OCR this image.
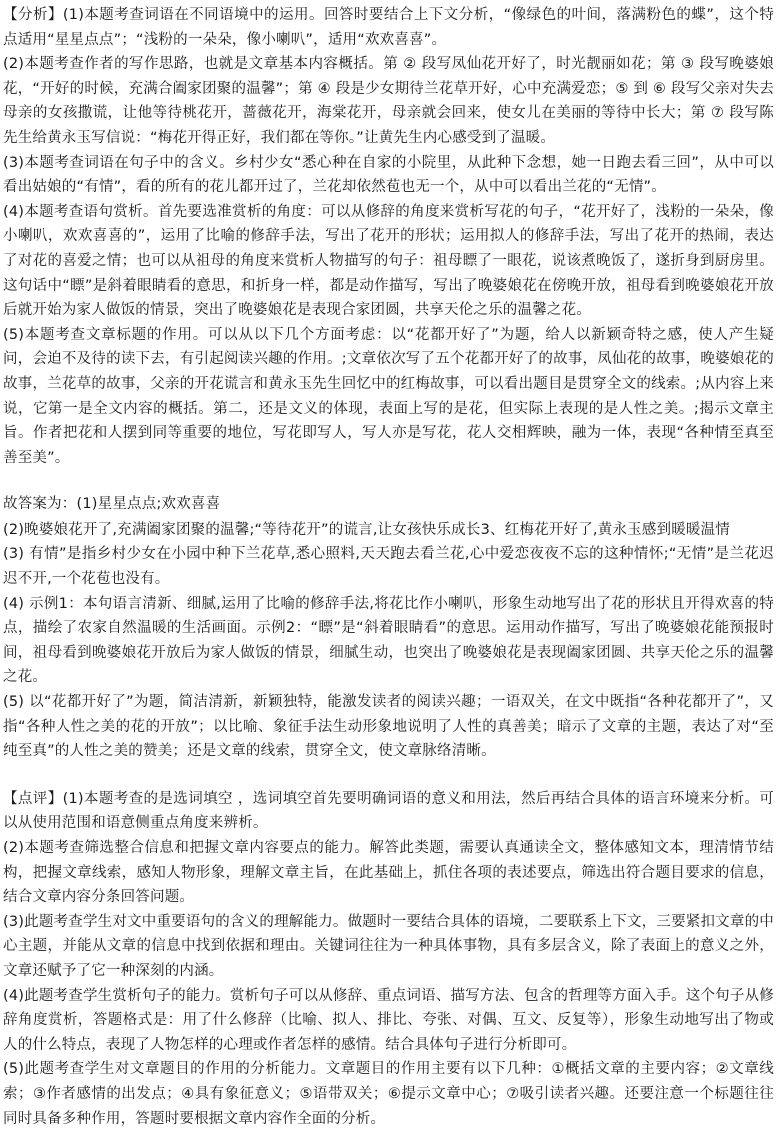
【分析】(1)本题考查词语在不同语境中的运用。回答时要结合上下文分析，“像绿色的叶间，落满粉色的蝶”，这个特点适用“星星点点”；“浅粉的一朵朵，像小喇叭”，适用“欢欢喜喜”。

(2)本题考查作者的写作思路，也就是文章基本内容概括。第 ② 段写凤仙花开好了，时光靓丽如花；第 ③ 段写晚婆娘花，“开好的时候，充满合阖家团聚的温馨”；第 ④ 段是少女期待兰花草开好，心中充满爱恋；⑤ 到 ⑥ 段写父亲对失去母亲的女孩撒谎，让他等待桃花开，蔷薇花开，海棠花开，母亲就会回来，使女儿在美丽的等待中长大；第 ⑦ 段写陈先生给黄永玉写信说：“梅花开得正好，我们都在等你。”让黄先生内心感受到了温暖。

(3)本题考查词语在句子中的含义。乡村少女“悉心种在自家的小院里，从此种下念想，她一日跑去看三回”，从中可以看出姑娘的“有情”，看的所有的花儿都开过了，兰花却依然苞也无一个，从中可以看出兰花的“无情”。

(4)本题考查语句赏析。首先要选准赏析的角度：可以从修辞的角度来赏析写花的句子，“花开好了，浅粉的一朵朵，像小喇叭，欢欢喜喜的”，运用了比喻的修辞手法，写出了花开的形状；运用拟人的修辞手法，写出了花开的热闹，表达了对花的喜爱之情；也可以从祖母的角度来赏析人物描写的句子：祖母瞟了一眼花，说该煮晚饭了，遂折身到厨房里。这句话中“瞟”是斜着眼睛看的意思，和折身一样，都是动作描写，写出了晚婆娘花在傍晚开放，祖母看到晚婆娘花开放后就开始为家人做饭的情景，突出了晚婆娘花是表现合家团圆，共享天伦之乐的温馨之花。

(5)本题考查文章标题的作用。可以从以下几个方面考虑：以“花都开好了”为题，给人以新颖奇特之感，使人产生疑问，会迫不及待的读下去，有引起阅读兴趣的作用。;文章依次写了五个花都开好了的故事，凤仙花的故事，晚婆娘花的故事，兰花草的故事，父亲的开花谎言和黄永玉先生回忆中的红梅故事，可以看出题目是贯穿全文的线索。;从内容上来说，它第一是全文内容的概括。第二，还是文义的体现，表面上写的是花，但实际上表现的是人性之美。;揭示文章主旨。作者把花和人摆到同等重要的地位，写花即写人，写人亦是写花，花人交相辉映，融为一体，表现“各种情至真至善至美”。

故答案为：(1)星星点点;欢欢喜喜

(2)晚婆娘花开了,充满阖家团聚的温馨;“等待花开”的谎言,让女孩快乐成长3、红梅花开好了,黄永玉感到暖暖温情

(3) 有情”是指乡村少女在小园中种下兰花草,悉心照料,天天跑去看兰花,心中爱恋夜夜不忘的这种情怀;“无情”是兰花迟迟不开,一个花苞也没有。

(4) 示例1：本句语言清新、细腻,运用了比喻的修辞手法,将花比作小喇叭，形象生动地写出了花的形状且开得欢喜的特点，描绘了农家自然温暖的生活画面。示例2：“瞟”是“斜着眼睛看”的意思。运用动作描写，写出了晚婆娘花能预报时间，祖母看到晚婆娘花开放后为家人做饭的情景，细腻生动，也突出了晚婆娘花是表现阖家团圆、共享天伦之乐的温馨之花。

(5) 以“花都开好了”为题，简洁清新，新颖独特，能激发读者的阅读兴趣；一语双关，在文中既指“各种花都开了”，又指“各种人性之美的花的开放”；以比喻、象征手法生动形象地说明了人性的真善美；暗示了文章的主题，表达了对“至纯至真”的人性之美的赞美；还是文章的线索，贯穿全文，使文章脉络清晰。

【点评】(1)本题考查的是选词填空 ，选词填空首先要明确词语的意义和用法，然后再结合具体的语言环境来分析。可以从使用范围和语意侧重点角度来辨析。

(2)本题考查筛选整合信息和把握文章内容要点的能力。解答此类题，需要认真通读全文，整体感知文本，理清情节结构，把握文章线索，感知人物形象，理解文章主旨，在此基础上，抓住各项的表述要点，筛选出符合题目要求的信息，结合文章内容分条回答问题。

(3)此题考查学生对文中重要语句的含义的理解能力。做题时一要结合具体的语境，二要联系上下文，三要紧扣文章的中心主题，并能从文章的信息中找到依据和理由。关键词往往为一种具体事物，具有多层含义，除了表面上的意义之外，文章还赋予了它一种深刻的内涵。

(4)此题考查学生赏析句子的能力。赏析句子可以从修辞、重点词语、描写方法、包含的哲理等方面入手。这个句子从修辞角度赏析，答题格式是：用了什么修辞（比喻、拟人、排比、夸张、对偶、互文、反复等），形象生动地写出了物或人的什么特点，表现了人物怎样的心理或作者怎样的感情。结合具体句子进行分析即可。

(5)此题考查学生对文章题目的作用的分析能力。文章题目的作用主要有以下几种：①概括文章的主要内容；②文章线索；③作者感情的出发点；④具有象征意义；⑤语带双关；⑥提示文章中心；⑦吸引读者兴趣。还要注意一个标题往往同时具备多种作用，答题时要根据文章内容作全面的分析。
